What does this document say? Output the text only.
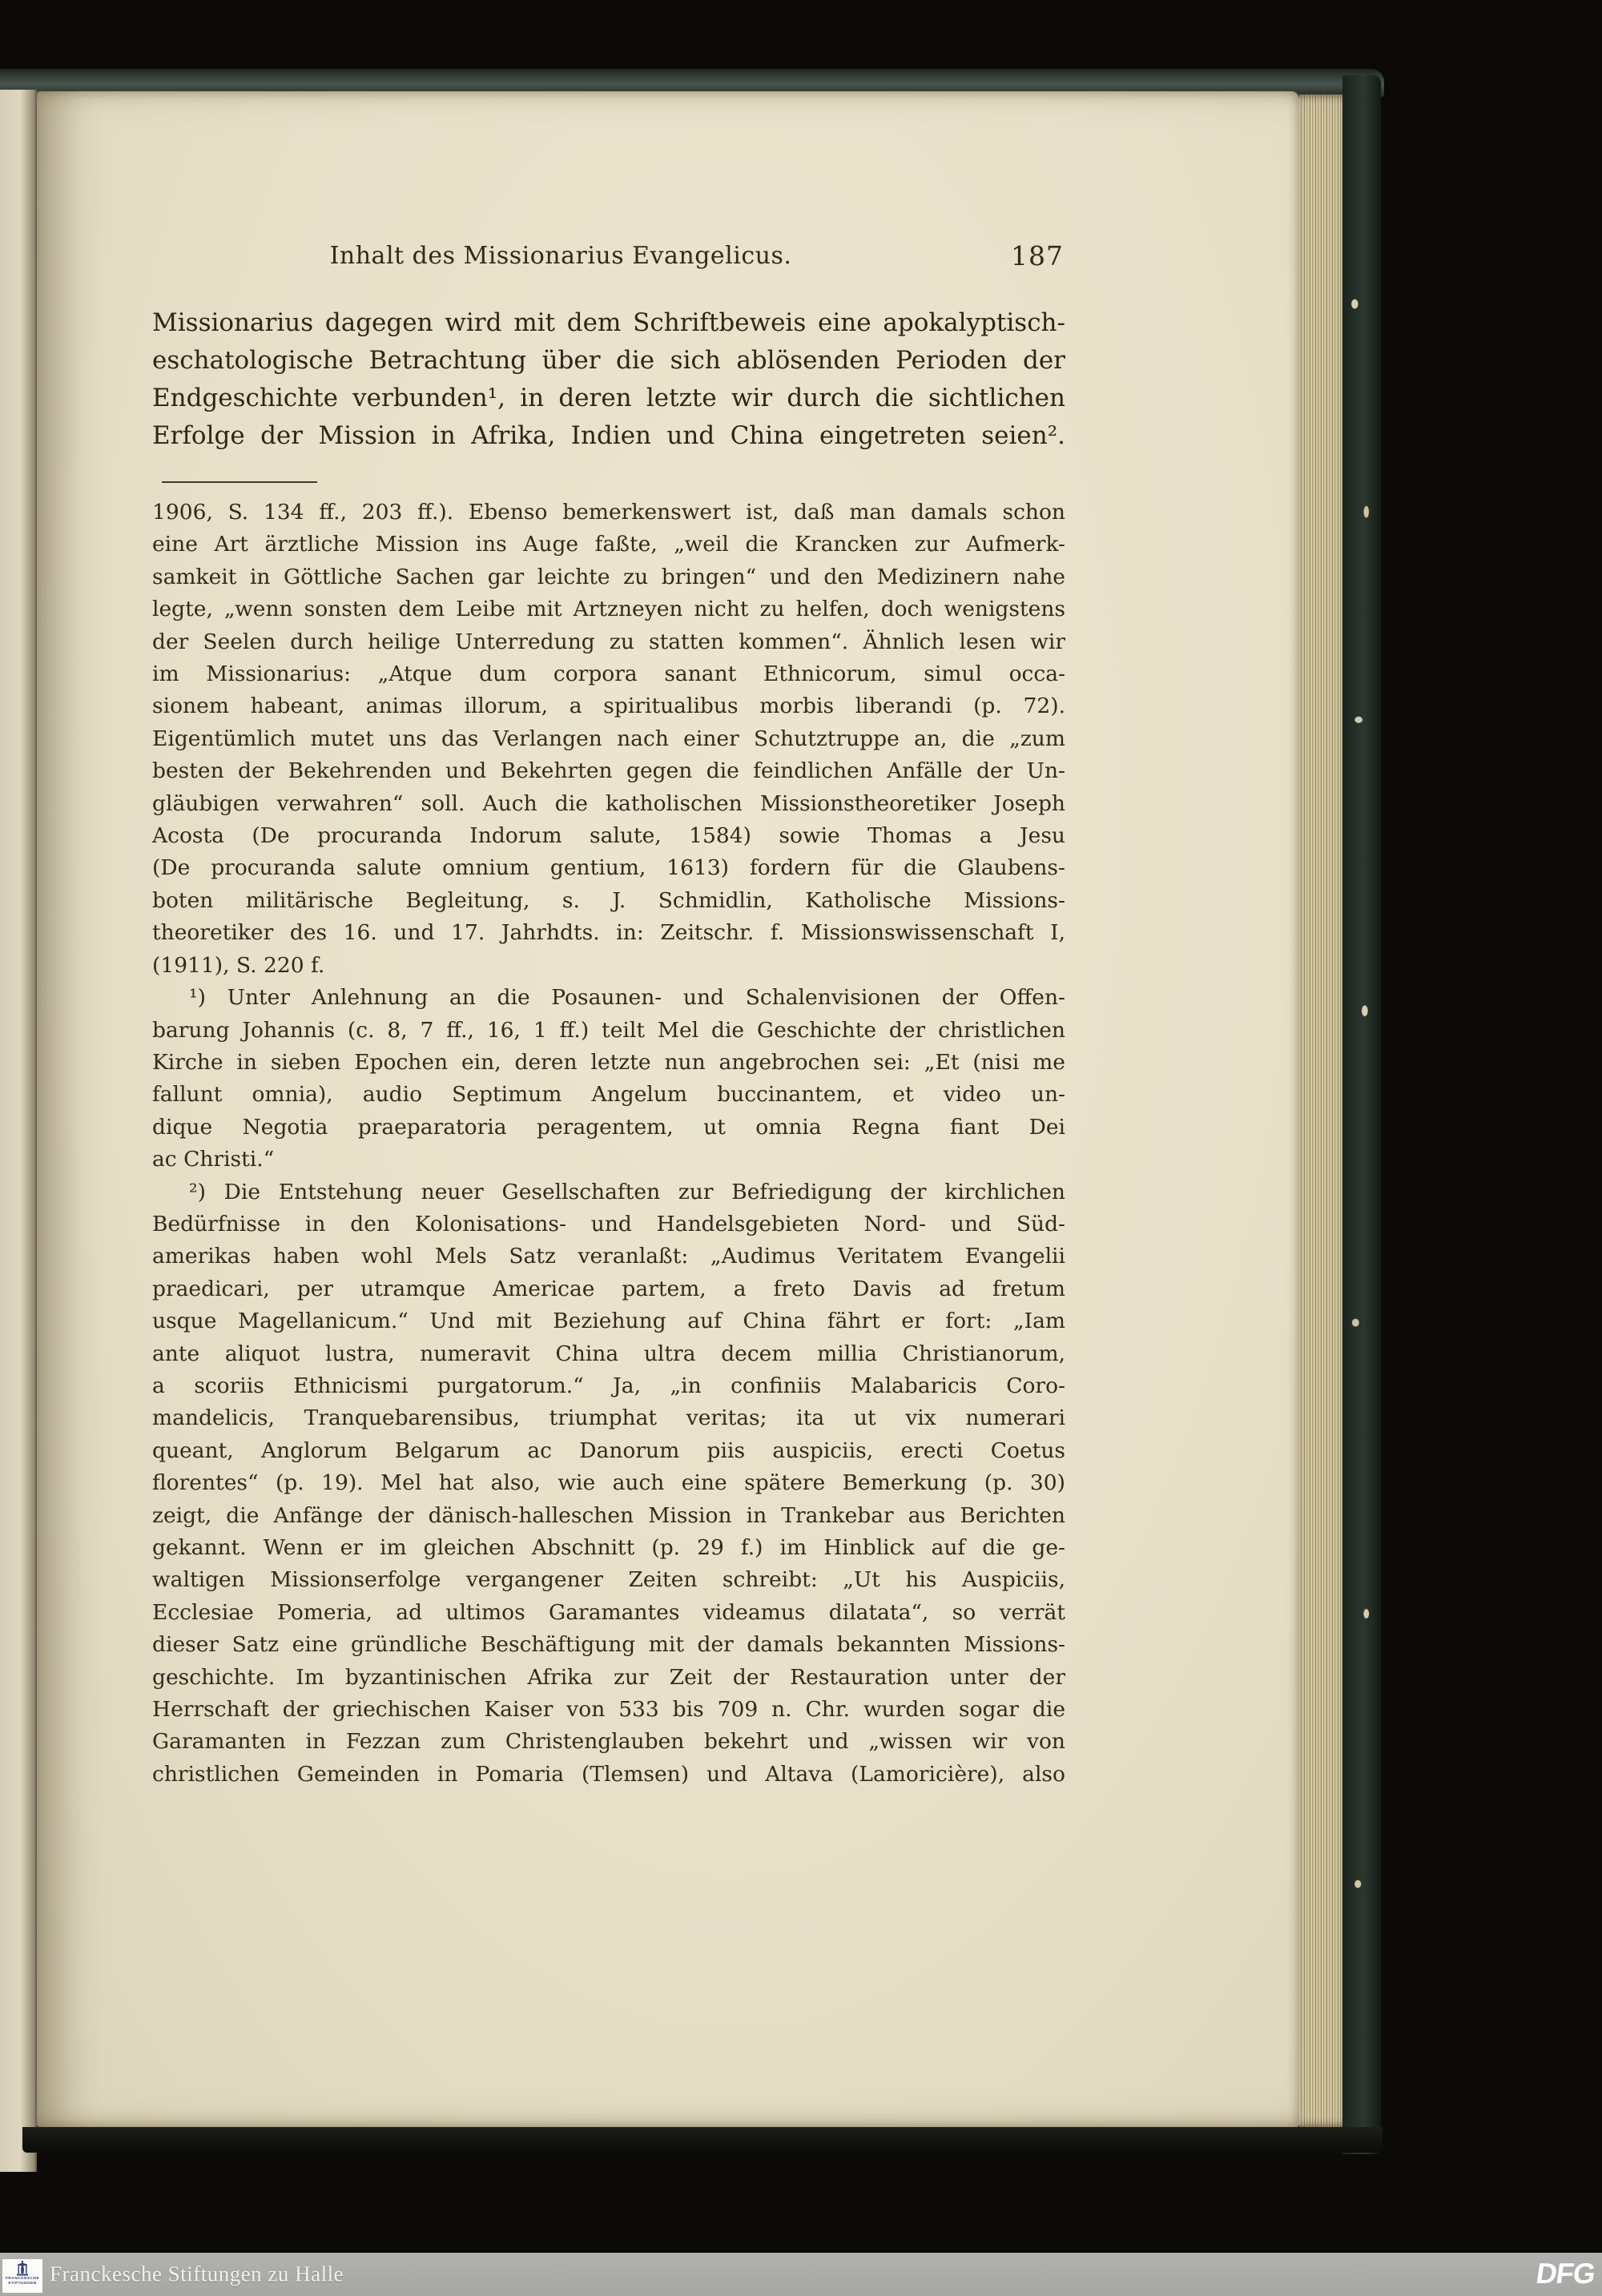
Inhalt des Missionarius Evangelicus.	187
Missionarius dagegen wird mit dem Schriftbeweis eine apokalyptisch-
eschatologische Betrachtung über die sich ablösenden Perioden der
Endgeschichte verbunden¹, in deren letzte wir durch die sichtlichen
Erfolge der Mission in Afrika, Indien und China eingetreten seien².
1906, S. 134 ff., 203 ff.). Ebenso bemerkenswert ist, daß man damals schon
eine Art ärztliche Mission ins Auge faßte, „weil die Krancken zur Aufmerk-
samkeit in Göttliche Sachen gar leichte zu bringen“ und den Medizinern nahe
legte, „wenn sonsten dem Leibe mit Artzneyen nicht zu helfen, doch wenigstens
der Seelen durch heilige Unterredung zu statten kommen“. Ähnlich lesen wir
im Missionarius: „Atque dum corpora sanant Ethnicorum, simul occa-
sionem habeant, animas illorum, a spiritualibus morbis liberandi (p. 72).
Eigentümlich mutet uns das Verlangen nach einer Schutztruppe an, die „zum
besten der Bekehrenden und Bekehrten gegen die feindlichen Anfälle der Un-
gläubigen verwahren“ soll. Auch die katholischen Missionstheoretiker Joseph
Acosta (De procuranda Indorum salute, 1584) sowie Thomas a Jesu
(De procuranda salute omnium gentium, 1613) fordern für die Glaubens-
boten militärische Begleitung, s. J. Schmidlin, Katholische Missions-
theoretiker des 16. und 17. Jahrhdts. in: Zeitschr. f. Missionswissenschaft I,
(1911), S. 220 f.
¹) Unter Anlehnung an die Posaunen- und Schalenvisionen der Offen-
barung Johannis (c. 8, 7 ff., 16, 1 ff.) teilt Mel die Geschichte der christlichen
Kirche in sieben Epochen ein, deren letzte nun angebrochen sei: „Et (nisi me
fallunt omnia), audio Septimum Angelum buccinantem, et video un-
dique Negotia praeparatoria peragentem, ut omnia Regna fiant Dei
ac Christi.“
²) Die Entstehung neuer Gesellschaften zur Befriedigung der kirchlichen
Bedürfnisse in den Kolonisations- und Handelsgebieten Nord- und Süd-
amerikas haben wohl Mels Satz veranlaßt: „Audimus Veritatem Evangelii
praedicari, per utramque Americae partem, a freto Davis ad fretum
usque Magellanicum.“ Und mit Beziehung auf China fährt er fort: „Iam
ante aliquot lustra, numeravit China ultra decem millia Christianorum,
a scoriis Ethnicismi purgatorum.“ Ja, „in confiniis Malabaricis Coro-
mandelicis, Tranquebarensibus, triumphat veritas; ita ut vix numerari
queant, Anglorum Belgarum ac Danorum piis auspiciis, erecti Coetus
florentes“ (p. 19). Mel hat also, wie auch eine spätere Bemerkung (p. 30)
zeigt, die Anfänge der dänisch-halleschen Mission in Trankebar aus Berichten
gekannt. Wenn er im gleichen Abschnitt (p. 29 f.) im Hinblick auf die ge-
waltigen Missionserfolge vergangener Zeiten schreibt: „Ut his Auspiciis,
Ecclesiae Pomeria, ad ultimos Garamantes videamus dilatata“, so verrät
dieser Satz eine gründliche Beschäftigung mit der damals bekannten Missions-
geschichte. Im byzantinischen Afrika zur Zeit der Restauration unter der
Herrschaft der griechischen Kaiser von 533 bis 709 n. Chr. wurden sogar die
Garamanten in Fezzan zum Christenglauben bekehrt und „wissen wir von
christlichen Gemeinden in Pomaria (Tlemsen) und Altava (Lamoricière), also
FRANCKESCHE
STIFTUNGEN Franckesche Stiftungen zu Halle	DFG
